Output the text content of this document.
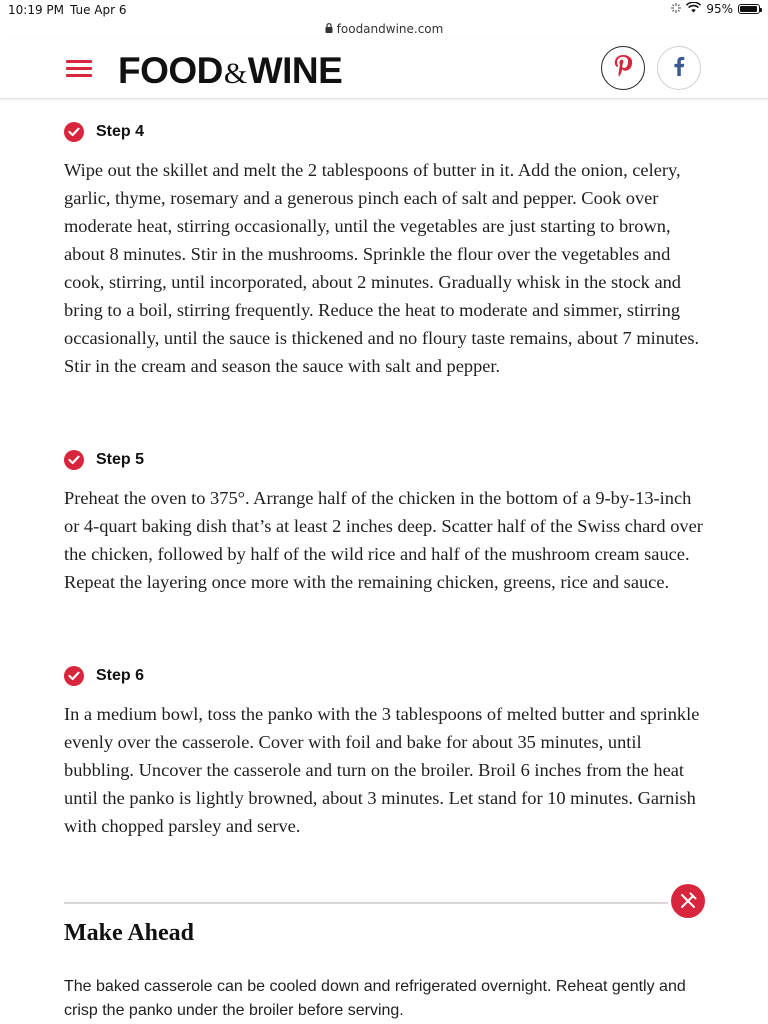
10:19 PM Tue Apr 6	95%
foodandwine.com
FOOD&WINE
Step 4

Wipe out the skillet and melt the 2 tablespoons of butter in it. Add the onion, celery, garlic, thyme, rosemary and a generous pinch each of salt and pepper. Cook over moderate heat, stirring occasionally, until the vegetables are just starting to brown, about 8 minutes. Stir in the mushrooms. Sprinkle the flour over the vegetables and cook, stirring, until incorporated, about 2 minutes. Gradually whisk in the stock and bring to a boil, stirring frequently. Reduce the heat to moderate and simmer, stirring occasionally, until the sauce is thickened and no floury taste remains, about 7 minutes. Stir in the cream and season the sauce with salt and pepper.

Step 5

Preheat the oven to 375°. Arrange half of the chicken in the bottom of a 9-by-13-inch or 4-quart baking dish that’s at least 2 inches deep. Scatter half of the Swiss chard over the chicken, followed by half of the wild rice and half of the mushroom cream sauce. Repeat the layering once more with the remaining chicken, greens, rice and sauce.

Step 6

In a medium bowl, toss the panko with the 3 tablespoons of melted butter and sprinkle evenly over the casserole. Cover with foil and bake for about 35 minutes, until bubbling. Uncover the casserole and turn on the broiler. Broil 6 inches from the heat until the panko is lightly browned, about 3 minutes. Let stand for 10 minutes. Garnish with chopped parsley and serve.

Make Ahead
The baked casserole can be cooled down and refrigerated overnight. Reheat gently and crisp the panko under the broiler before serving.
